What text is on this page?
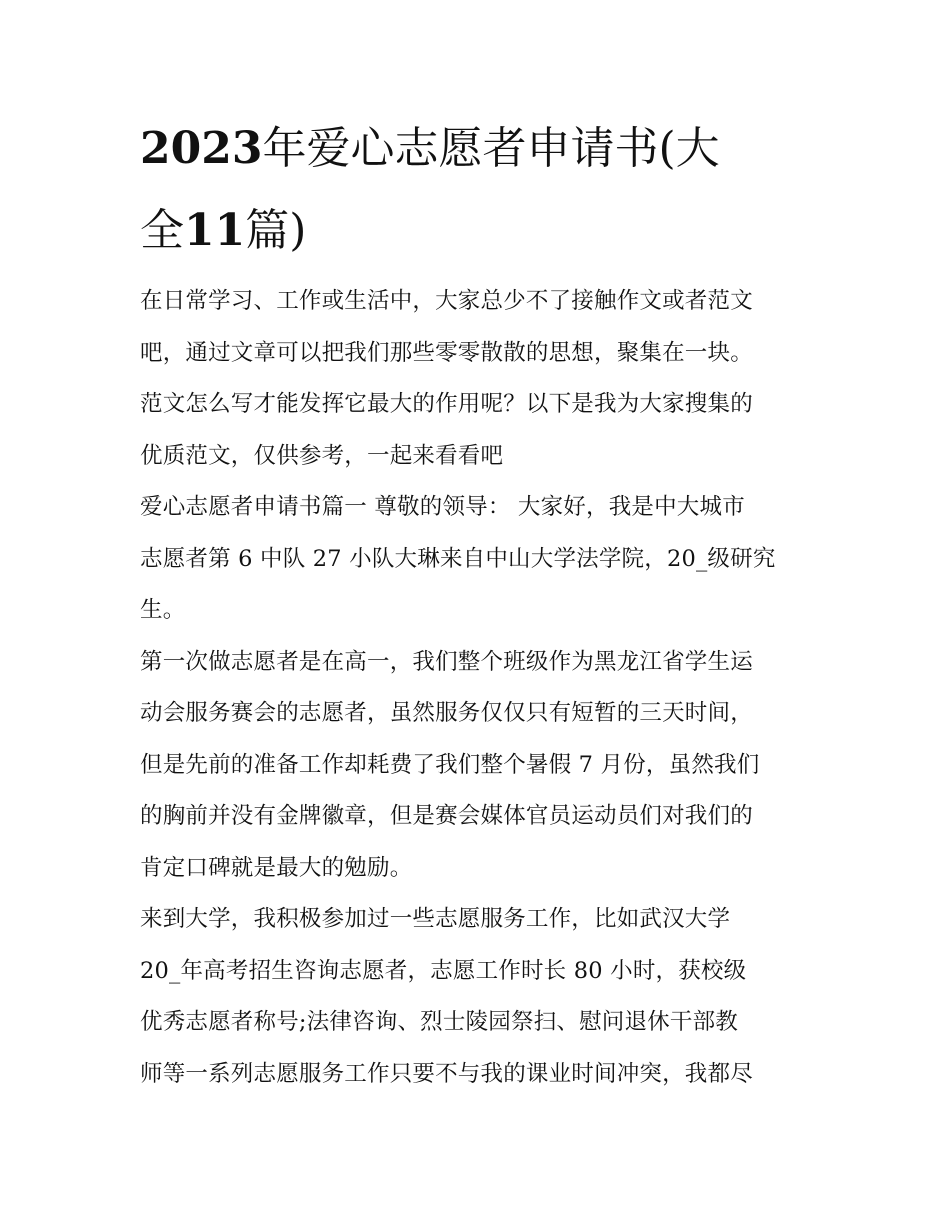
2023年爱心志愿者申请书(大
全11篇)
在日常学习、工作或生活中，大家总少不了接触作文或者范文
吧，通过文章可以把我们那些零零散散的思想，聚集在一块。
范文怎么写才能发挥它最大的作用呢？以下是我为大家搜集的
优质范文，仅供参考，一起来看看吧
爱心志愿者申请书篇一 尊敬的领导： 大家好，我是中大城市
志愿者第 6 中队 27 小队大琳来自中山大学法学院，20_级研究
生。
第一次做志愿者是在高一，我们整个班级作为黑龙江省学生运
动会服务赛会的志愿者，虽然服务仅仅只有短暂的三天时间，
但是先前的准备工作却耗费了我们整个暑假 7 月份，虽然我们
的胸前并没有金牌徽章，但是赛会媒体官员运动员们对我们的
肯定口碑就是最大的勉励。
来到大学，我积极参加过一些志愿服务工作，比如武汉大学
20_年高考招生咨询志愿者，志愿工作时长 80 小时，获校级
优秀志愿者称号;法律咨询、烈士陵园祭扫、慰问退休干部教
师等一系列志愿服务工作只要不与我的课业时间冲突，我都尽
